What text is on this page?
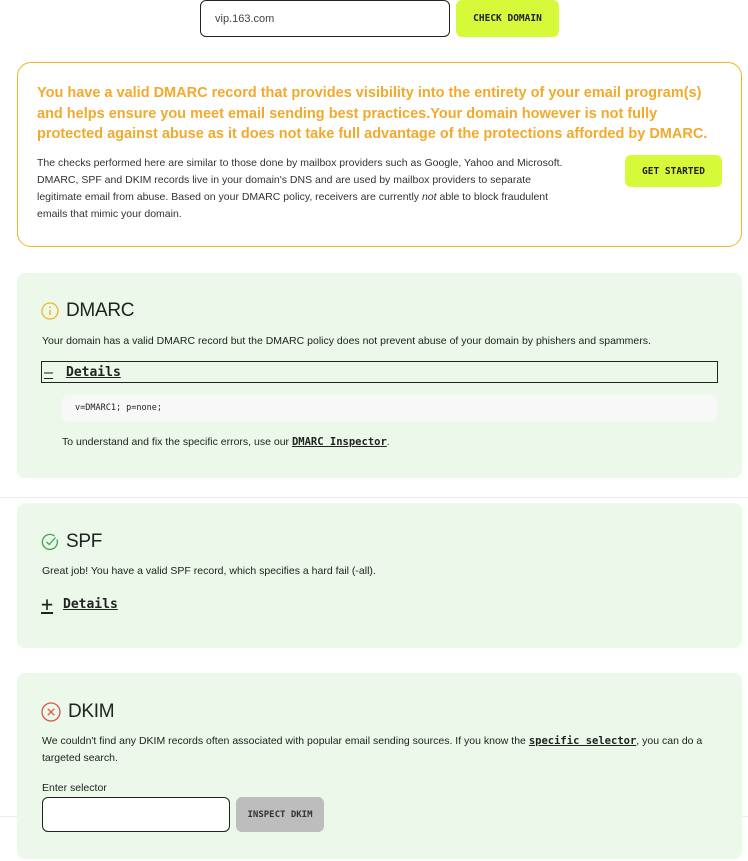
vip.163.com
CHECK DOMAIN

You have a valid DMARC record that provides visibility into the entirety of your email program(s) and helps ensure you meet email sending best practices.Your domain however is not fully protected against abuse as it does not take full advantage of the protections afforded by DMARC.

The checks performed here are similar to those done by mailbox providers such as Google, Yahoo and Microsoft. DMARC, SPF and DKIM records live in your domain's DNS and are used by mailbox providers to separate legitimate email from abuse. Based on your DMARC policy, receivers are currently not able to block fraudulent emails that mimic your domain.

GET STARTED
DMARC

Your domain has a valid DMARC record but the DMARC policy does not prevent abuse of your domain by phishers and spammers.

— Details
v=DMARC1; p=none;

To understand and fix the specific errors, use our DMARC Inspector.

SPF

Great job! You have a valid SPF record, which specifies a hard fail (-all).

+ Details
DKIM

We couldn't find any DKIM records often associated with popular email sending sources. If you know the specific selector, you can do a targeted search.

Enter selector

INSPECT DKIM
